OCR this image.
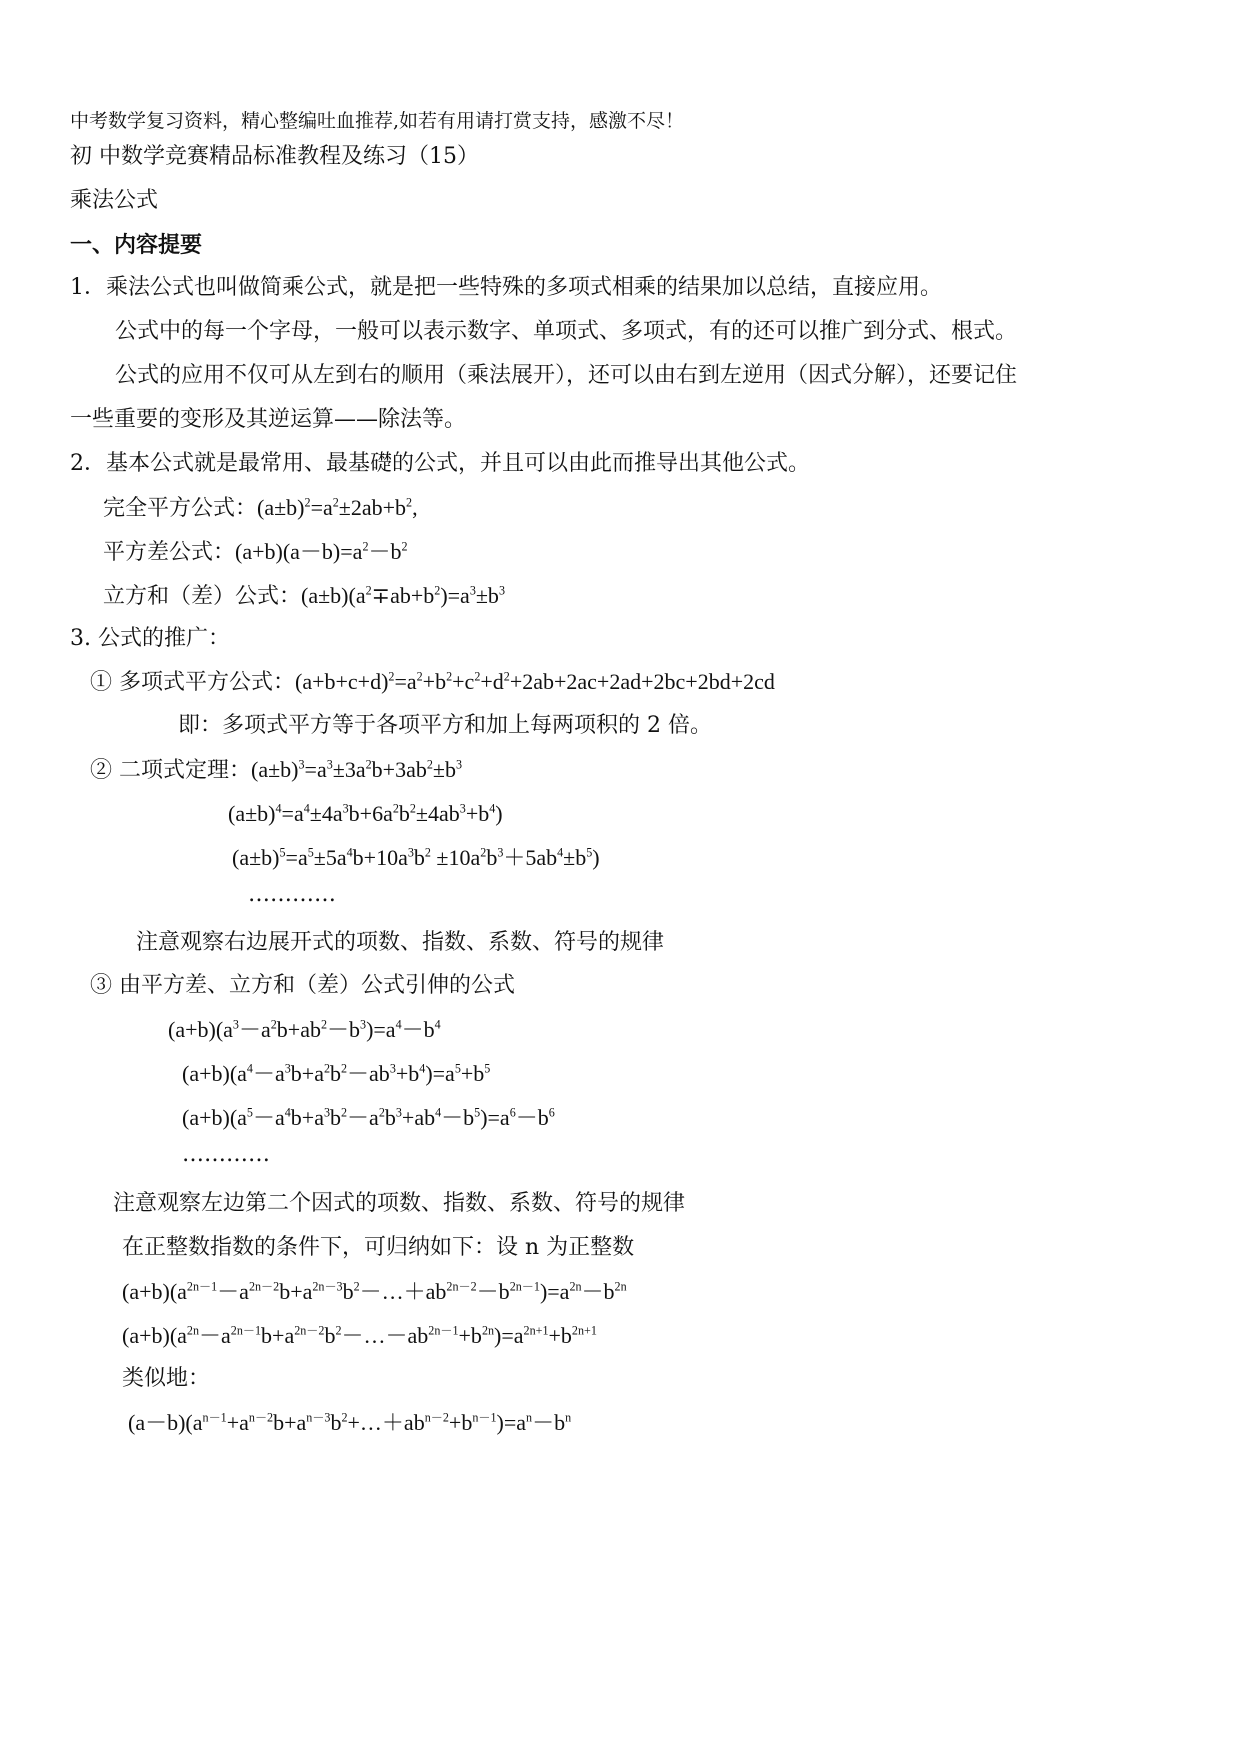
中考数学复习资料，精心整编吐血推荐,如若有用请打赏支持，感激不尽！
初 中数学竞赛精品标准教程及练习（15）
乘法公式
一、内容提要
1．乘法公式也叫做简乘公式，就是把一些特殊的多项式相乘的结果加以总结，直接应用。
公式中的每一个字母，一般可以表示数字、单项式、多项式，有的还可以推广到分式、根式。
公式的应用不仅可从左到右的顺用（乘法展开），还可以由右到左逆用（因式分解），还要记住
一些重要的变形及其逆运算——除法等。
2．基本公式就是最常用、最基礎的公式，并且可以由此而推导出其他公式。
完全平方公式：$(a\pm b)^2=a^2\pm 2ab+b^2$,
平方差公式：$(a+b)(a-b)=a^2-b^2$
立方和（差）公式：$(a\pm b)(a^2\mp ab+b^2)=a^3\pm b^3$
3. 公式的推广：
① 多项式平方公式：$(a+b+c+d)^2=a^2+b^2+c^2+d^2+2ab+2ac+2ad+2bc+2bd+2cd$
即：多项式平方等于各项平方和加上每两项积的 2 倍。
② 二项式定理：$(a\pm b)^3=a^3\pm 3a^2b+3ab^2\pm b^3$
$(a\pm b)^4=a^4\pm 4a^3b+6a^2b^2\pm 4ab^3+b^4$)
$(a\pm b)^5=a^5\pm 5a^4b+10a^3b^2 \pm 10a^2b^3+5ab^4\pm b^5$)
…………
注意观察右边展开式的项数、指数、系数、符号的规律
③ 由平方差、立方和（差）公式引伸的公式
$(a+b)(a^3-a^2b+ab^2-b^3)=a^4-b^4$
$(a+b)(a^4-a^3b+a^2b^2-ab^3+b^4)=a^5+b^5$
$(a+b)(a^5-a^4b+a^3b^2-a^2b^3+ab^4-b^5)=a^6-b^6$
…………
注意观察左边第二个因式的项数、指数、系数、符号的规律
在正整数指数的条件下，可归纳如下：设 n 为正整数
$(a+b)(a^{2n-1}-a^{2n-2}b+a^{2n-3}b^2-\dots+ab^{2n-2}-b^{2n-1})=a^{2n}-b^{2n}$
$(a+b)(a^{2n}-a^{2n-1}b+a^{2n-2}b^2-\dots-ab^{2n-1}+b^{2n})=a^{2n+1}+b^{2n+1}$
类似地：
$(a-b)(a^{n-1}+a^{n-2}b+a^{n-3}b^2+\dots+ab^{n-2}+b^{n-1})=a^n-b^n$
